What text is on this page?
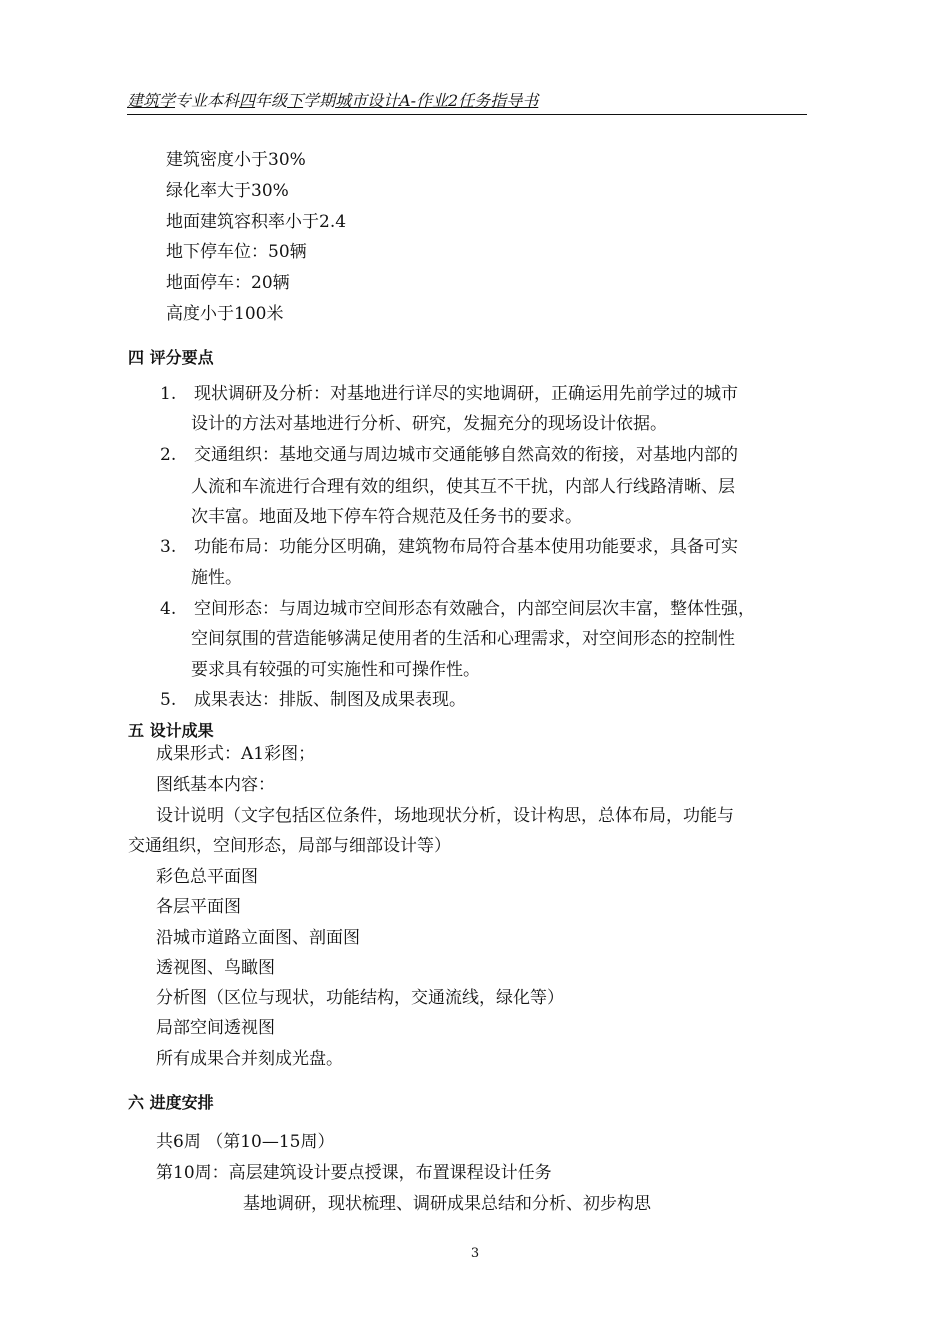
建筑学专业本科四年级下学期城市设计A-作业2任务指导书
建筑密度小于30%
绿化率大于30%
地面建筑容积率小于2.4
地下停车位：50辆
地面停车：20辆
高度小于100米
四 评分要点
1. 现状调研及分析：对基地进行详尽的实地调研，正确运用先前学过的城市
设计的方法对基地进行分析、研究，发掘充分的现场设计依据。
2. 交通组织：基地交通与周边城市交通能够自然高效的衔接，对基地内部的
人流和车流进行合理有效的组织，使其互不干扰，内部人行线路清晰、层
次丰富。地面及地下停车符合规范及任务书的要求。
3. 功能布局：功能分区明确，建筑物布局符合基本使用功能要求，具备可实
施性。
4. 空间形态：与周边城市空间形态有效融合，内部空间层次丰富，整体性强，
空间氛围的营造能够满足使用者的生活和心理需求，对空间形态的控制性
要求具有较强的可实施性和可操作性。
5. 成果表达：排版、制图及成果表现。
五 设计成果
成果形式：A1彩图；
图纸基本内容：
设计说明（文字包括区位条件，场地现状分析，设计构思，总体布局，功能与
交通组织，空间形态，局部与细部设计等）
彩色总平面图
各层平面图
沿城市道路立面图、剖面图
透视图、鸟瞰图
分析图（区位与现状，功能结构，交通流线，绿化等）
局部空间透视图
所有成果合并刻成光盘。
六 进度安排
共6周 （第10—15周）
第10周：高层建筑设计要点授课，布置课程设计任务
基地调研，现状梳理、调研成果总结和分析、初步构思
3
